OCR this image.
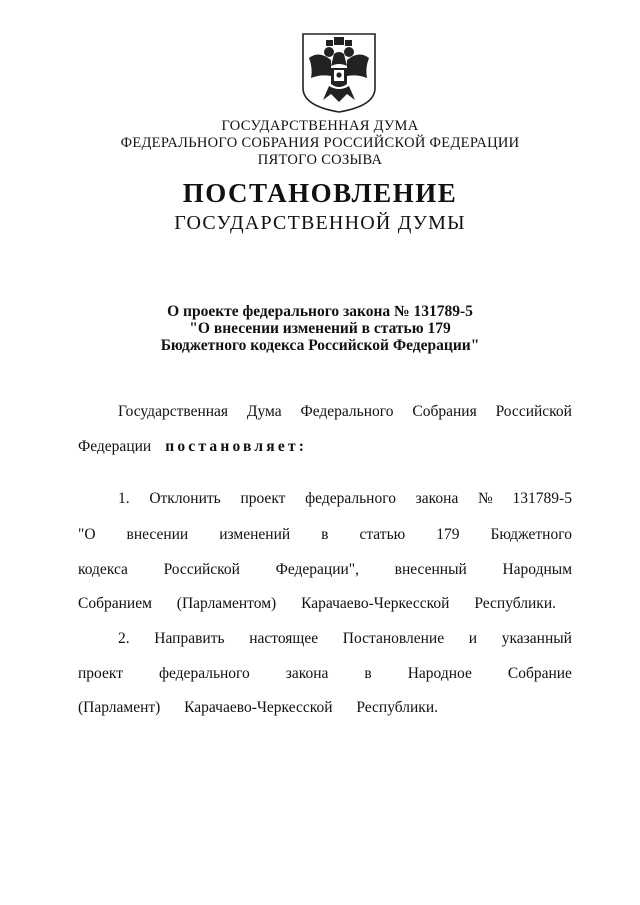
ГОСУДАРСТВЕННАЯ ДУМА
ФЕДЕРАЛЬНОГО СОБРАНИЯ РОССИЙСКОЙ ФЕДЕРАЦИИ
ПЯТОГО СОЗЫВА
ПОСТАНОВЛЕНИЕ
ГОСУДАРСТВЕННОЙ ДУМЫ
О проекте федерального закона № 131789-5
"О внесении изменений в статью 179
Бюджетного кодекса Российской Федерации"
Государственная Дума Федерального Собрания Российской
Федерации постановляет:
1. Отклонить проект федерального закона № 131789-5
"О внесении изменений в статью 179 Бюджетного
кодекса Российской Федерации", внесенный Народным
Собранием (Парламентом) Карачаево-Черкесской Республики.
2. Направить настоящее Постановление и указанный
проект федерального закона в Народное Собрание
(Парламент) Карачаево-Черкесской Республики.
